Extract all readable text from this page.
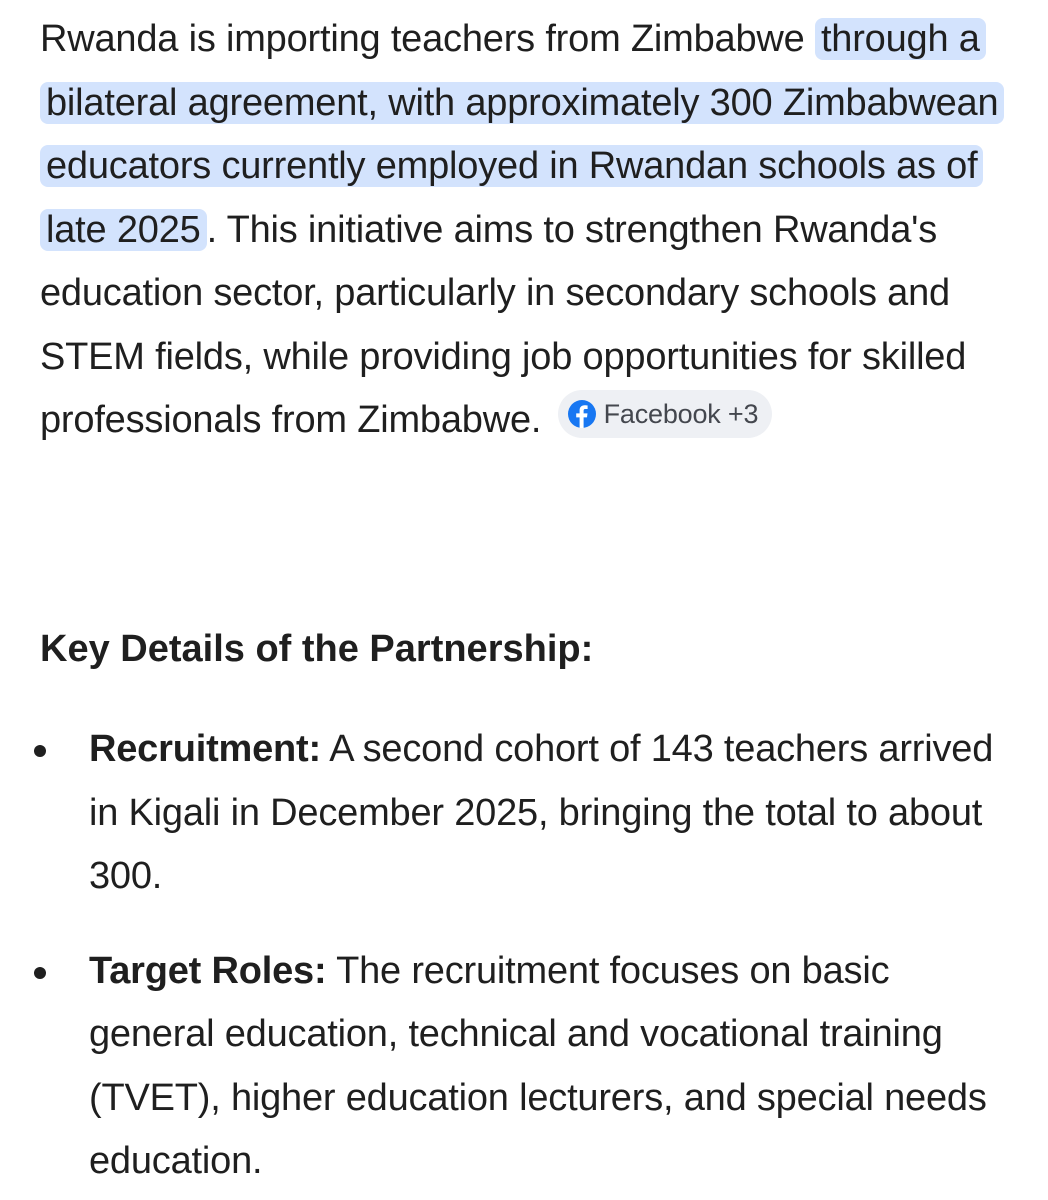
Rwanda is importing teachers from Zimbabwe through a bilateral agreement, with approximately 300 Zimbabwean educators currently employed in Rwandan schools as of late 2025 . This initiative aims to strengthen Rwanda's education sector, particularly in secondary schools and STEM fields, while providing job opportunities for skilled professionals from Zimbabwe. Facebook +3

Key Details of the Partnership:
Recruitment: A second cohort of 143 teachers arrived in Kigali in December 2025, bringing the total to about 300.
Target Roles: The recruitment focuses on basic general education, technical and vocational training (TVET), higher education lecturers, and special needs education.
